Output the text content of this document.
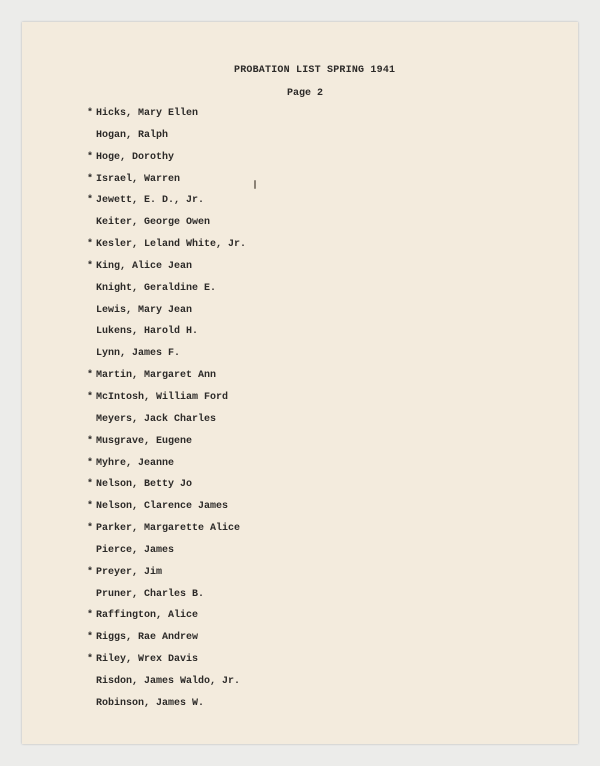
PROBATION LIST SPRING 1941
Page 2
* Hicks, Mary Ellen
Hogan, Ralph
* Hoge, Dorothy
* Israel, Warren
* Jewett, E. D., Jr.
Keiter, George Owen
* Kesler, Leland White, Jr.
* King, Alice Jean
Knight, Geraldine E.
Lewis, Mary Jean
Lukens, Harold H.
Lynn, James F.
* Martin, Margaret Ann
* McIntosh, William Ford
Meyers, Jack Charles
* Musgrave, Eugene
* Myhre, Jeanne
* Nelson, Betty Jo
* Nelson, Clarence James
* Parker, Margarette Alice
Pierce, James
* Preyer, Jim
Pruner, Charles B.
* Raffington, Alice
* Riggs, Rae Andrew
* Riley, Wrex Davis
Risdon, James Waldo, Jr.
Robinson, James W.
